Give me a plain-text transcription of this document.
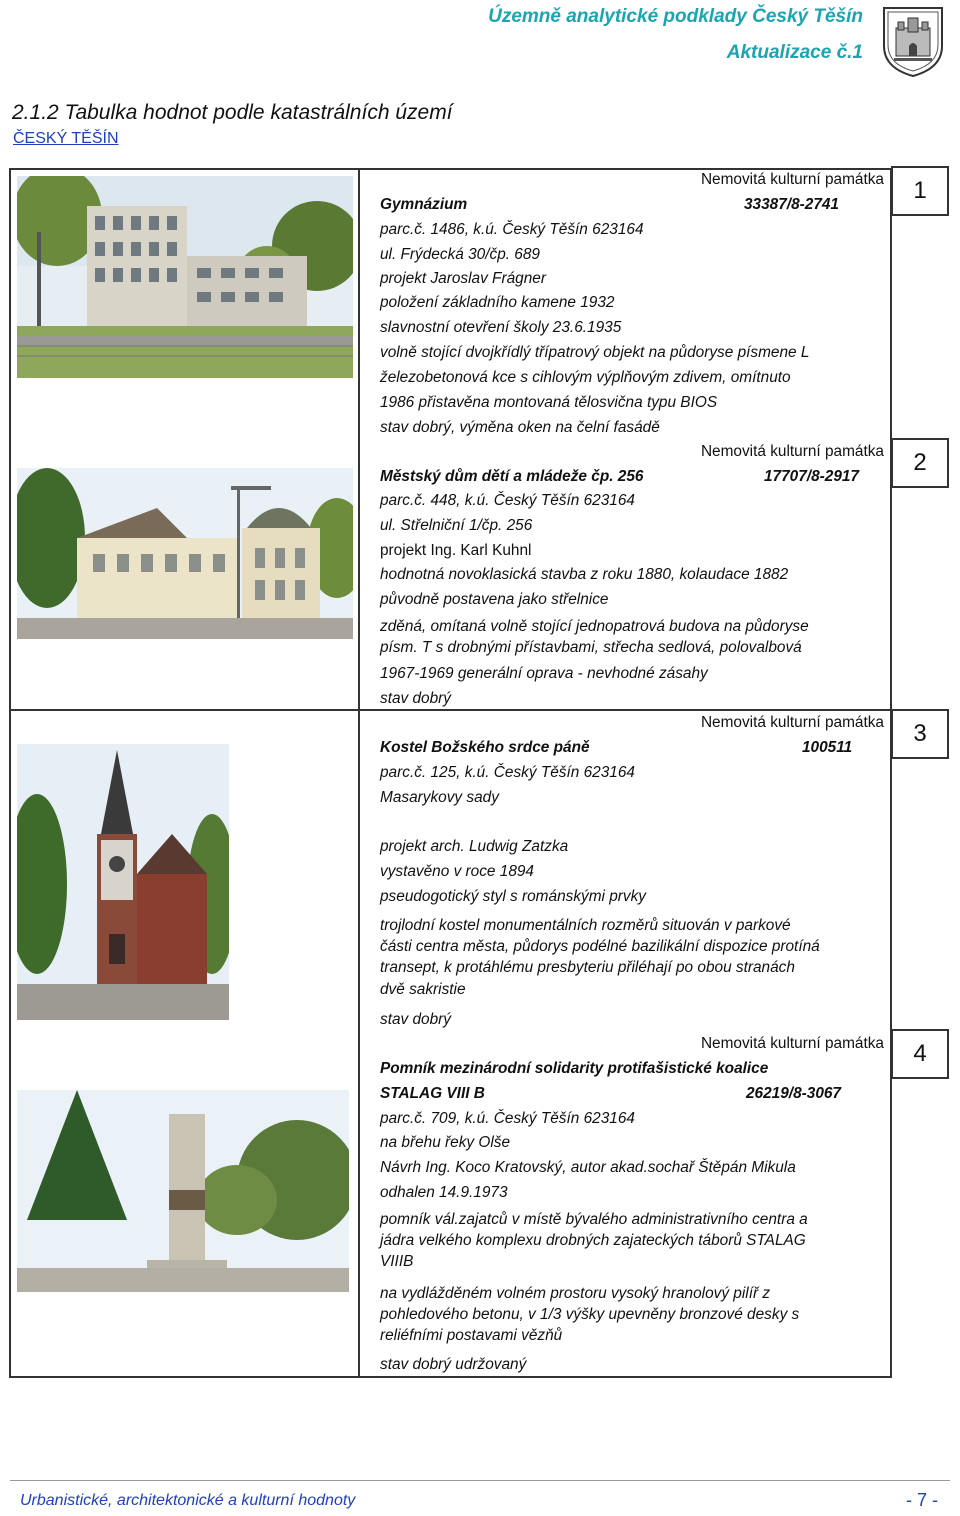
Územně analytické podklady Český Těšín
Aktualizace č.1
2.1.2 Tabulka hodnot podle katastrálních území
ČESKÝ TĚŠÍN
1
2
3
4
Nemovitá kulturní památka
Gymnázium	33387/8-2741
parc.č. 1486, k.ú. Český Těšín 623164
ul. Frýdecká 30/čp. 689
projekt Jaroslav Frágner
položení základního kamene 1932
slavnostní otevření školy 23.6.1935
volně stojící dvojkřídlý třípatrový objekt na půdoryse písmene L
železobetonová kce s cihlovým výplňovým zdivem, omítnuto
1986 přistavěna montovaná tělosvična typu BIOS
stav dobrý, výměna oken na čelní fasádě
Nemovitá kulturní památka
Městský dům dětí a mládeže čp. 256	17707/8-2917
parc.č. 448, k.ú. Český Těšín 623164
ul. Střelniční 1/čp. 256
projekt Ing. Karl Kuhnl
hodnotná novoklasická stavba z roku 1880, kolaudace 1882
původně postavena jako střelnice
zděná, omítaná volně stojící jednopatrová budova na půdoryse
písm. T s drobnými přístavbami, střecha sedlová, polovalbová
1967-1969 generální oprava - nevhodné zásahy
stav dobrý
Nemovitá kulturní památka
Kostel Božského srdce páně	100511
parc.č. 125, k.ú. Český Těšín 623164
Masarykovy sady
projekt arch. Ludwig Zatzka
vystavěno v roce 1894
pseudogotický styl s románskými prvky
trojlodní kostel monumentálních rozměrů situován v parkové
části centra města, půdorys podélné bazilikální dispozice protíná
transept, k protáhlému presbyteriu přiléhají po obou stranách
dvě sakristie
stav dobrý
Nemovitá kulturní památka
Pomník mezinárodní solidarity protifašistické koalice
STALAG VIII B	26219/8-3067
parc.č. 709, k.ú. Český Těšín 623164
na břehu řeky Olše
Návrh Ing. Koco Kratovský, autor akad.sochař Štěpán Mikula
odhalen 14.9.1973
pomník vál.zajatců v místě bývalého administrativního centra a
jádra velkého komplexu drobných zajateckých táborů STALAG
VIIIB
na vydlážděném volném prostoru vysoký hranolový pilíř z
pohledového betonu, v 1/3 výšky upevněny bronzové desky s
reliéfními postavami vězňů
stav dobrý udržovaný
Urbanistické, architektonické a kulturní hodnoty	- 7 -
